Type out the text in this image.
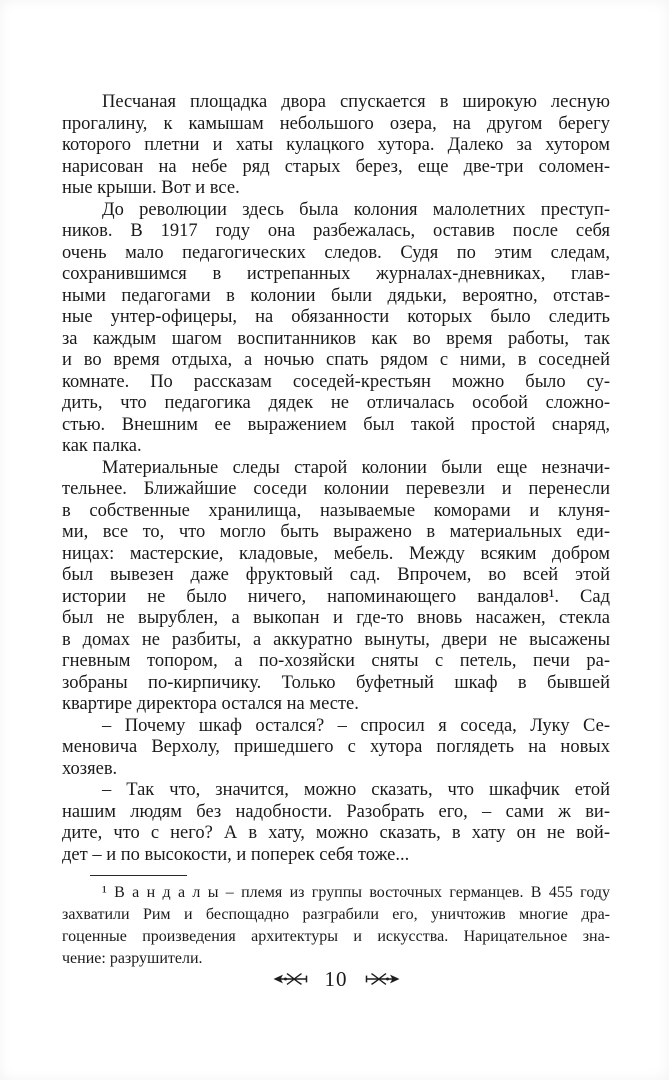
Песчаная площадка двора спускается в широкую лесную
прогалину, к камышам небольшого озера, на другом берегу
которого плетни и хаты кулацкого хутора. Далеко за хутором
нарисован на небе ряд старых берез, еще две-три соломен-
ные крыши. Вот и все.
До революции здесь была колония малолетних преступ-
ников. В 1917 году она разбежалась, оставив после себя
очень мало педагогических следов. Судя по этим следам,
сохранившимся в истрепанных журналах-дневниках, глав-
ными педагогами в колонии были дядьки, вероятно, отстав-
ные унтер-офицеры, на обязанности которых было следить
за каждым шагом воспитанников как во время работы, так
и во время отдыха, а ночью спать рядом с ними, в соседней
комнате. По рассказам соседей-крестьян можно было су-
дить, что педагогика дядек не отличалась особой сложно-
стью. Внешним ее выражением был такой простой снаряд,
как палка.
Материальные следы старой колонии были еще незначи-
тельнее. Ближайшие соседи колонии перевезли и перенесли
в собственные хранилища, называемые коморами и клуня-
ми, все то, что могло быть выражено в материальных еди-
ницах: мастерские, кладовые, мебель. Между всяким добром
был вывезен даже фруктовый сад. Впрочем, во всей этой
истории не было ничего, напоминающего вандалов¹. Сад
был не вырублен, а выкопан и где-то вновь насажен, стекла
в домах не разбиты, а аккуратно вынуты, двери не высажены
гневным топором, а по-хозяйски сняты с петель, печи ра-
зобраны по-кирпичику. Только буфетный шкаф в бывшей
квартире директора остался на месте.
– Почему шкаф остался? – спросил я соседа, Луку Се-
меновича Верхолу, пришедшего с хутора поглядеть на новых
хозяев.
– Так что, значится, можно сказать, что шкафчик етой
нашим людям без надобности. Разобрать его, – сами ж ви-
дите, что с него? А в хату, можно сказать, в хату он не вой-
дет – и по высокости, и поперек себя тоже...
¹ В а н д а л ы – племя из группы восточных германцев. В 455 году
захватили Рим и беспощадно разграбили его, уничтожив многие дра-
гоценные произведения архитектуры и искусства. Нарицательное зна-
чение: разрушители.
10
